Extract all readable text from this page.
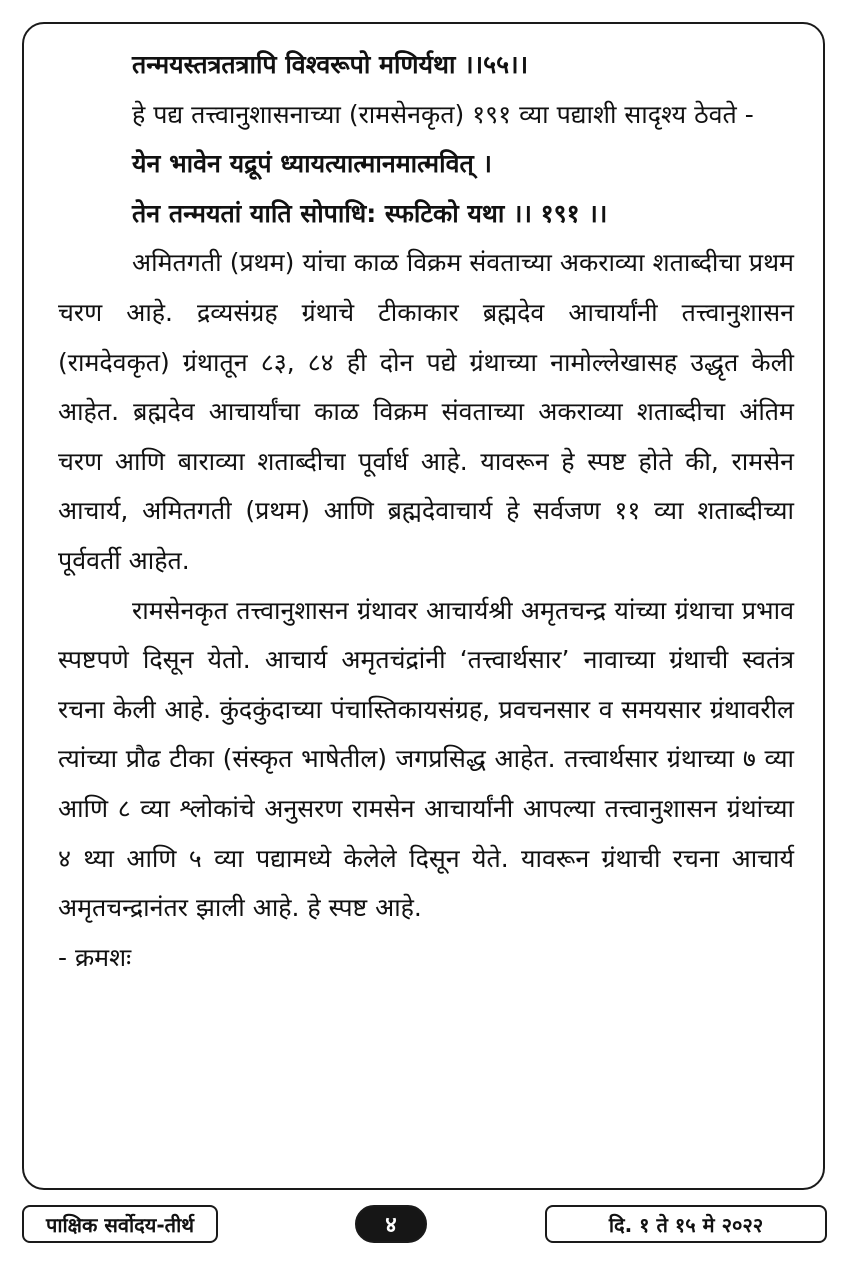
तन्मयस्तत्रतत्रापि विश्वरूपो मणिर्यथा ।।५५।।

हे पद्य तत्त्वानुशासनाच्या (रामसेनकृत) १९१ व्या पद्याशी सादृश्य ठेवते -

येन भावेन यद्रूपं ध्यायत्यात्मानमात्मवित् ।

तेन तन्मयतां याति सोपाधि: स्फटिको यथा ।। १९१ ।।

अमितगती (प्रथम) यांचा काळ विक्रम संवताच्या अकराव्या शताब्दीचा प्रथम चरण आहे. द्रव्यसंग्रह ग्रंथाचे टीकाकार ब्रह्मदेव आचार्यांनी तत्त्वानुशासन (रामदेवकृत) ग्रंथातून ८३, ८४ ही दोन पद्ये ग्रंथाच्या नामोल्लेखासह उद्धृत केली आहेत. ब्रह्मदेव आचार्यांचा काळ विक्रम संवताच्या अकराव्या शताब्दीचा अंतिम चरण आणि बाराव्या शताब्दीचा पूर्वार्ध आहे. यावरून हे स्पष्ट होते की, रामसेन आचार्य, अमितगती (प्रथम) आणि ब्रह्मदेवाचार्य हे सर्वजण ११ व्या शताब्दीच्या पूर्ववर्ती आहेत.

रामसेनकृत तत्त्वानुशासन ग्रंथावर आचार्यश्री अमृतचन्द्र यांच्या ग्रंथाचा प्रभाव स्पष्टपणे दिसून येतो. आचार्य अमृतचंद्रांनी ‘तत्त्वार्थसार’ नावाच्या ग्रंथाची स्वतंत्र रचना केली आहे. कुंदकुंदाच्या पंचास्तिकायसंग्रह, प्रवचनसार व समयसार ग्रंथावरील त्यांच्या प्रौढ टीका (संस्कृत भाषेतील) जगप्रसिद्ध आहेत. तत्त्वार्थसार ग्रंथाच्या ७ व्या आणि ८ व्या श्लोकांचे अनुसरण रामसेन आचार्यांनी आपल्या तत्त्वानुशासन ग्रंथांच्या ४ थ्या आणि ५ व्या पद्यामध्ये केलेले दिसून येते. यावरून ग्रंथाची रचना आचार्य अमृतचन्द्रानंतर झाली आहे. हे स्पष्ट आहे.

- क्रमशः

पाक्षिक सर्वोदय-तीर्थ	४	दि. १ ते १५ मे २०२२
